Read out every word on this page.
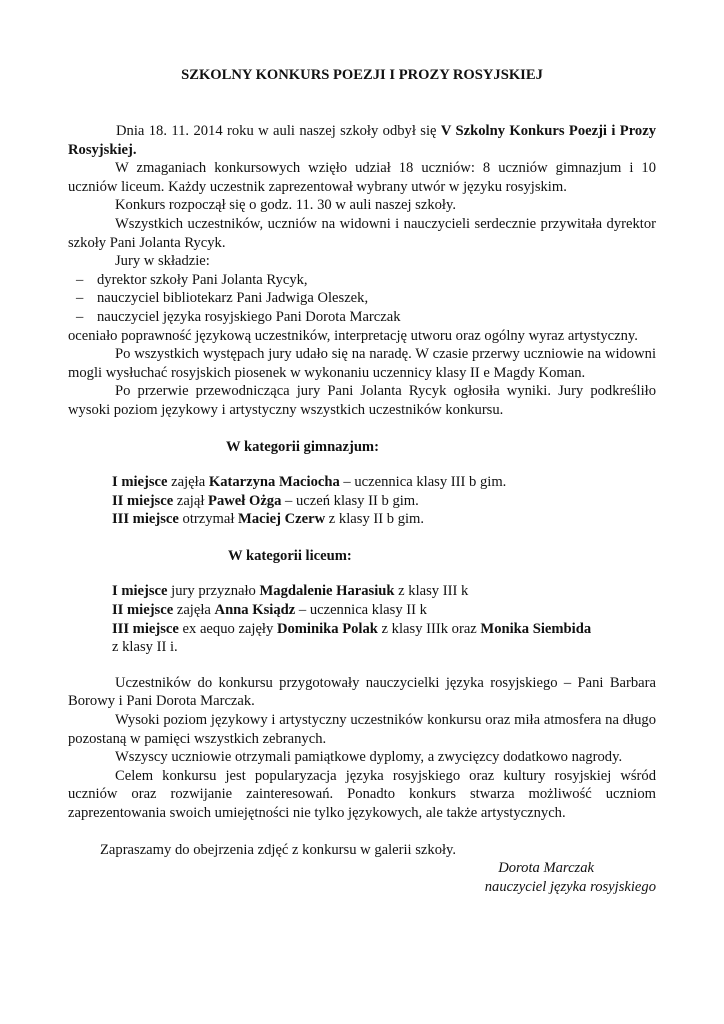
SZKOLNY KONKURS POEZJI I PROZY ROSYJSKIEJ

Dnia 18. 11. 2014 roku w auli naszej szkoły odbył się V Szkolny Konkurs Poezji i Prozy Rosyjskiej.

W zmaganiach konkursowych wzięło udział 18 uczniów: 8 uczniów gimnazjum i 10 uczniów liceum. Każdy uczestnik zaprezentował wybrany utwór w języku rosyjskim.

Konkurs rozpoczął się o godz. 11. 30 w auli naszej szkoły.

Wszystkich uczestników, uczniów na widowni i nauczycieli serdecznie przywitała dyrektor szkoły Pani Jolanta Rycyk.

Jury w składzie:

– dyrektor szkoły Pani Jolanta Rycyk,
– nauczyciel bibliotekarz Pani Jadwiga Oleszek,
– nauczyciel języka rosyjskiego Pani Dorota Marczak

oceniało poprawność językową uczestników, interpretację utworu oraz ogólny wyraz artystyczny.

Po wszystkich występach jury udało się na naradę. W czasie przerwy uczniowie na widowni mogli wysłuchać rosyjskich piosenek w wykonaniu uczennicy klasy II e Magdy Koman.

Po przerwie przewodnicząca jury Pani Jolanta Rycyk ogłosiła wyniki. Jury podkreśliło wysoki poziom językowy i artystyczny wszystkich uczestników konkursu.

W kategorii gimnazjum:

I miejsce zajęła Katarzyna Maciocha – uczennica klasy III b gim.

II miejsce zajął Paweł Ożga – uczeń klasy II b gim.

III miejsce otrzymał Maciej Czerw z klasy II b gim.

W kategorii liceum:

I miejsce jury przyznało Magdalenie Harasiuk z klasy III k

II miejsce zajęła Anna Ksiądz – uczennica klasy II k

III miejsce ex aequo zajęły Dominika Polak z klasy IIIk oraz Monika Siembida

z klasy II i.

Uczestników do konkursu przygotowały nauczycielki języka rosyjskiego – Pani Barbara Borowy i Pani Dorota Marczak.

Wysoki poziom językowy i artystyczny uczestników konkursu oraz miła atmosfera na długo pozostaną w pamięci wszystkich zebranych.

Wszyscy uczniowie otrzymali pamiątkowe dyplomy, a zwycięzcy dodatkowo nagrody.

Celem konkursu jest popularyzacja języka rosyjskiego oraz kultury rosyjskiej wśród uczniów oraz rozwijanie zainteresowań. Ponadto konkurs stwarza możliwość uczniom zaprezentowania swoich umiejętności nie tylko językowych, ale także artystycznych.

Zapraszamy do obejrzenia zdjęć z konkursu w galerii szkoły.

Dorota Marczak

nauczyciel języka rosyjskiego
